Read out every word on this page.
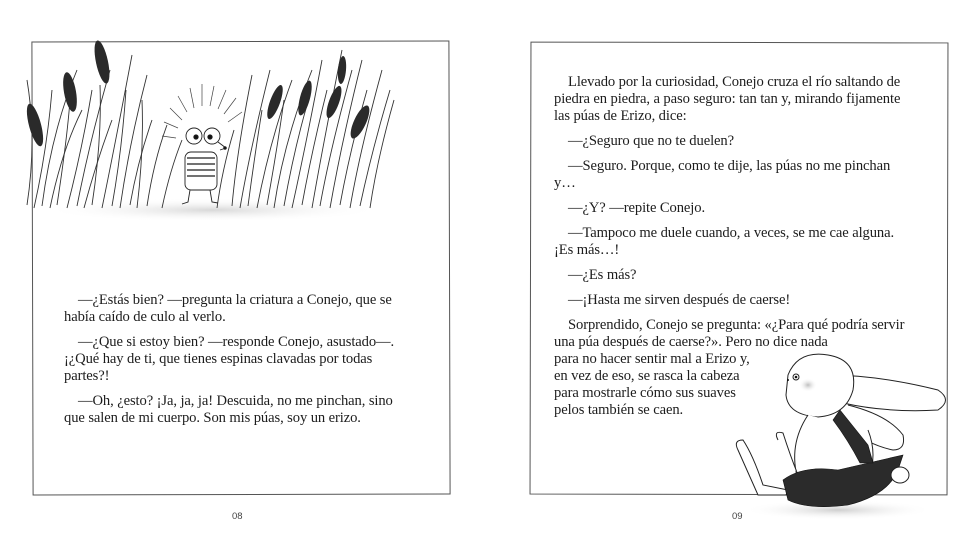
—¿Estás bien? —pregunta la criatura a Conejo, que se había caído de culo al verlo.

—¿Que si estoy bien? —responde Conejo, asustado—. ¡¿Qué hay de ti, que tienes espinas clavadas por todas partes?!

—Oh, ¿esto? ¡Ja, ja, ja! Descuida, no me pinchan, sino que salen de mi cuerpo. Son mis púas, soy un erizo.

08

Llevado por la curiosidad, Conejo cruza el río saltando de piedra en piedra, a paso seguro: tan tan y, mirando fijamente las púas de Erizo, dice:

—¿Seguro que no te duelen?

—Seguro. Porque, como te dije, las púas no me pinchan y…

—¿Y? —repite Conejo.

—Tampoco me duele cuando, a veces, se me cae alguna. ¡Es más…!

—¿Es más?

—¡Hasta me sirven después de caerse!

Sorprendido, Conejo se pregunta: «¿Para qué podría servir
una púa después de caerse?». Pero no dice nada
para no hacer sentir mal a Erizo y,
en vez de eso, se rasca la cabeza
para mostrarle cómo sus suaves
pelos también se caen.

09
